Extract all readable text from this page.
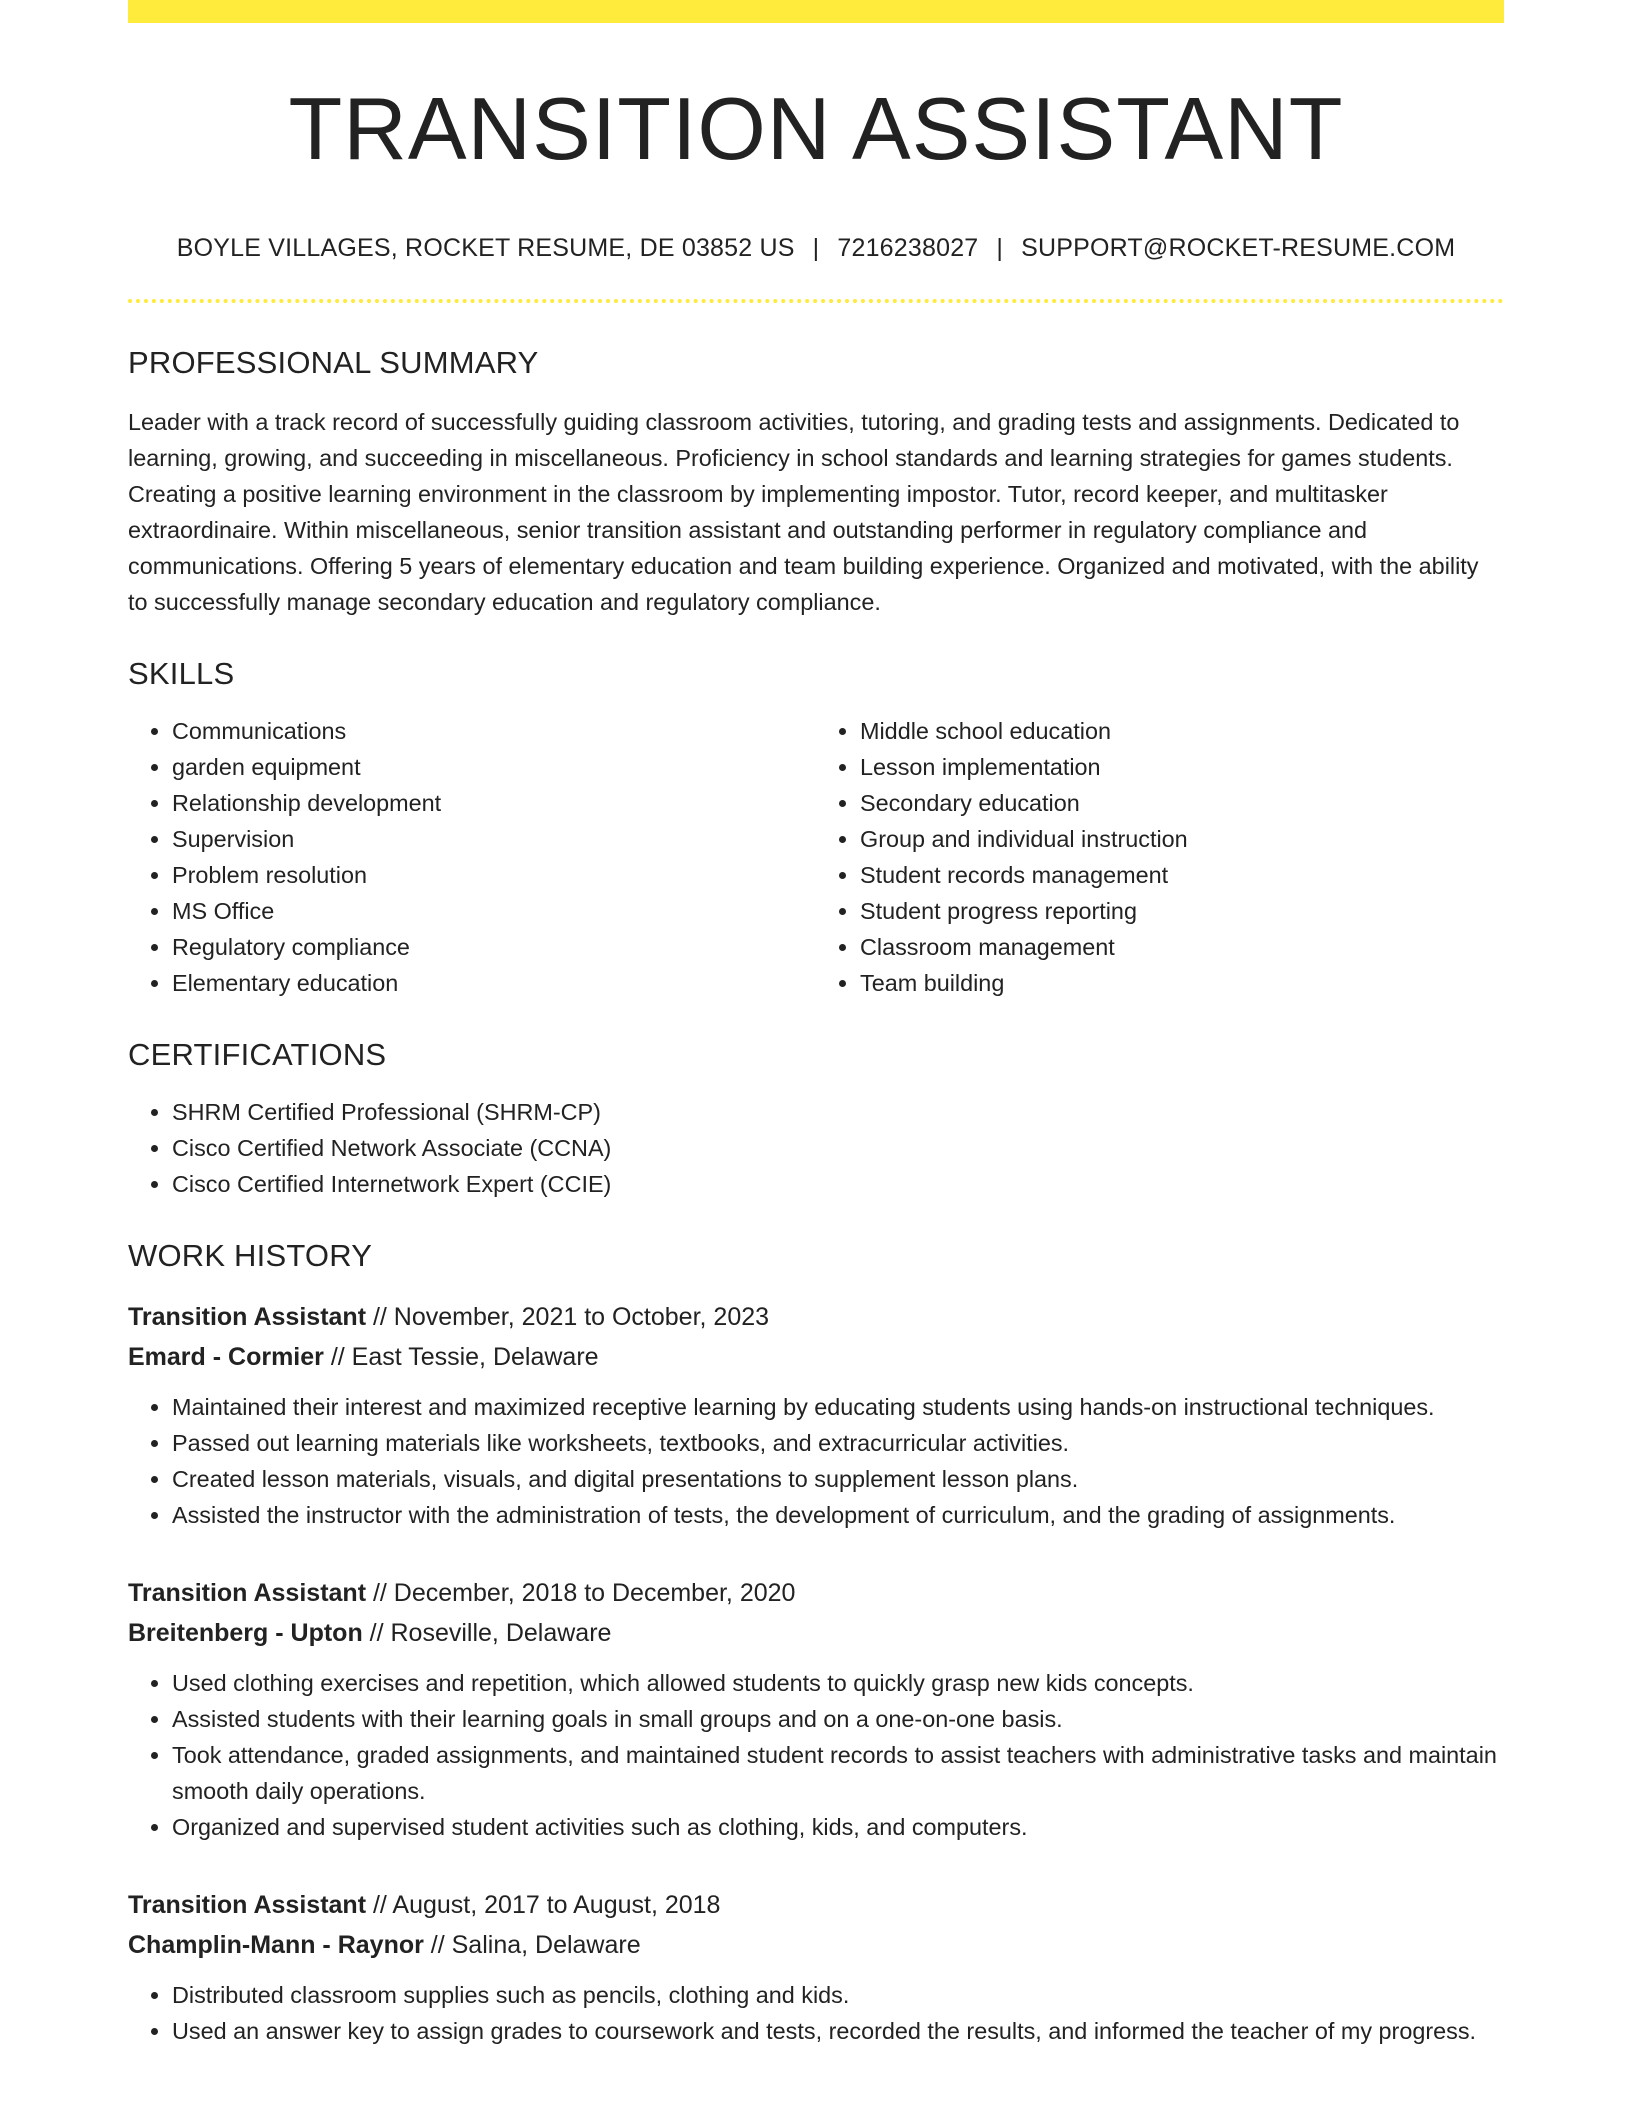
TRANSITION ASSISTANT
BOYLE VILLAGES, ROCKET RESUME, DE 03852 US | 7216238027 | SUPPORT@ROCKET-RESUME.COM
PROFESSIONAL SUMMARY

Leader with a track record of successfully guiding classroom activities, tutoring, and grading tests and assignments. Dedicated to learning, growing, and succeeding in miscellaneous. Proficiency in school standards and learning strategies for games students. Creating a positive learning environment in the classroom by implementing impostor. Tutor, record keeper, and multitasker extraordinaire. Within miscellaneous, senior transition assistant and outstanding performer in regulatory compliance and communications. Offering 5 years of elementary education and team building experience. Organized and motivated, with the ability to successfully manage secondary education and regulatory compliance.

SKILLS
• Communications
• garden equipment
• Relationship development
• Supervision
• Problem resolution
• MS Office
• Regulatory compliance
• Elementary education
• Middle school education
• Lesson implementation
• Secondary education
• Group and individual instruction
• Student records management
• Student progress reporting
• Classroom management
• Team building
CERTIFICATIONS
• SHRM Certified Professional (SHRM-CP)
• Cisco Certified Network Associate (CCNA)
• Cisco Certified Internetwork Expert (CCIE)
WORK HISTORY
Transition Assistant // November, 2021 to October, 2023
Emard - Cormier // East Tessie, Delaware
• Maintained their interest and maximized receptive learning by educating students using hands-on instructional techniques.
• Passed out learning materials like worksheets, textbooks, and extracurricular activities.
• Created lesson materials, visuals, and digital presentations to supplement lesson plans.
• Assisted the instructor with the administration of tests, the development of curriculum, and the grading of assignments.
Transition Assistant // December, 2018 to December, 2020
Breitenberg - Upton // Roseville, Delaware
• Used clothing exercises and repetition, which allowed students to quickly grasp new kids concepts.
• Assisted students with their learning goals in small groups and on a one-on-one basis.
• Took attendance, graded assignments, and maintained student records to assist teachers with administrative tasks and maintain smooth daily operations.
• Organized and supervised student activities such as clothing, kids, and computers.
Transition Assistant // August, 2017 to August, 2018
Champlin-Mann - Raynor // Salina, Delaware
• Distributed classroom supplies such as pencils, clothing and kids.
• Used an answer key to assign grades to coursework and tests, recorded the results, and informed the teacher of my progress.
